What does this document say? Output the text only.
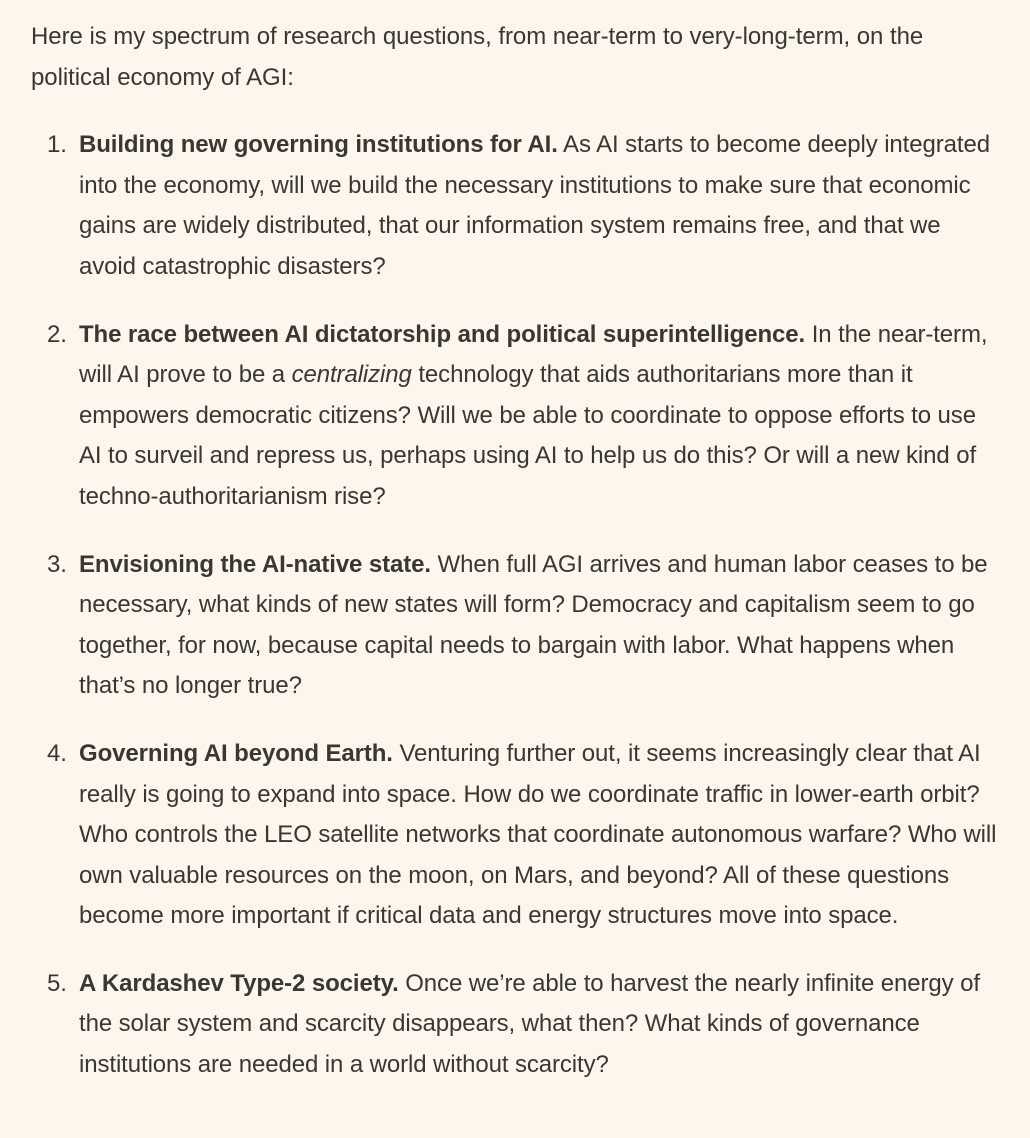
Here is my spectrum of research questions, from near-term to very-long-term, on the political economy of AGI:

1. Building new governing institutions for AI. As AI starts to become deeply integrated into the economy, will we build the necessary institutions to make sure that economic gains are widely distributed, that our information system remains free, and that we avoid catastrophic disasters?
2. The race between AI dictatorship and political superintelligence. In the near-term, will AI prove to be a centralizing technology that aids authoritarians more than it empowers democratic citizens? Will we be able to coordinate to oppose efforts to use AI to surveil and repress us, perhaps using AI to help us do this? Or will a new kind of techno-authoritarianism rise?
3. Envisioning the AI-native state. When full AGI arrives and human labor ceases to be necessary, what kinds of new states will form? Democracy and capitalism seem to go together, for now, because capital needs to bargain with labor. What happens when that’s no longer true?
4. Governing AI beyond Earth. Venturing further out, it seems increasingly clear that AI really is going to expand into space. How do we coordinate traffic in lower-earth orbit? Who controls the LEO satellite networks that coordinate autonomous warfare? Who will own valuable resources on the moon, on Mars, and beyond? All of these questions become more important if critical data and energy structures move into space.
5. A Kardashev Type-2 society. Once we’re able to harvest the nearly infinite energy of the solar system and scarcity disappears, what then? What kinds of governance institutions are needed in a world without scarcity?
